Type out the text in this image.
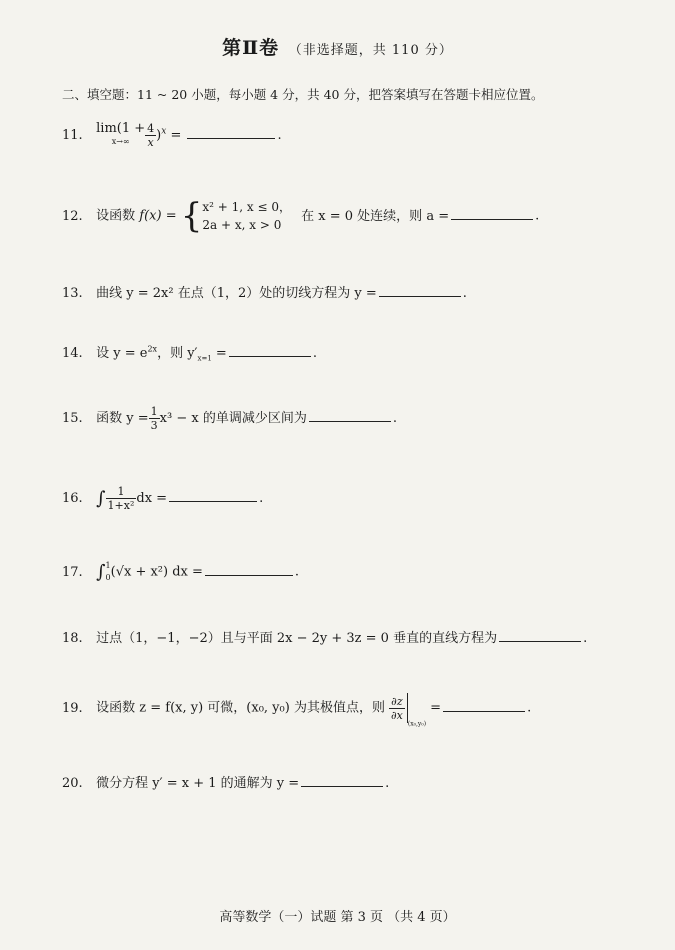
第Ⅱ卷 （非选择题，共 110 分）
二、填空题：11 ~ 20 小题，每小题 4 分，共 40 分，把答案填写在答题卡相应位置。
11. lim(1 +
$x\to\infty \frac{4}{x} )^x$ =	.
12. 设函数 f(x) = {x² + 1, x ≤ 0，
2a + x, x > 0 在 x = 0 处连续，则 a =	.
13. 曲线 y = 2x² 在点（1，2）处的切线方程为 y =	.
14. 设 $y = e^{2x}$，则 $y'_{x=1}$ =	.
15. 函数 $y = \frac{1}{3} x^3 - x$ 的单调减少区间为	.
16. ∫ $\frac{1}{\text{1+x²}}$ dx =	.
17. ∫1
0(√x + x²) dx =	.
18. 过点（1，−1，−2）且与平面 2x − 2y + 3z = 0 垂直的直线方程为	.
19. 设函数 z = f(x, y) 可微，(x₀, y₀) 为其极值点，则 $\frac{\partial z}{\partial x}$
$_{(x_0,y_0)}$ =	.
20. 微分方程 y′ = x + 1 的通解为 y =	.
高等数学（一）试题 第 3 页 （共 4 页）
